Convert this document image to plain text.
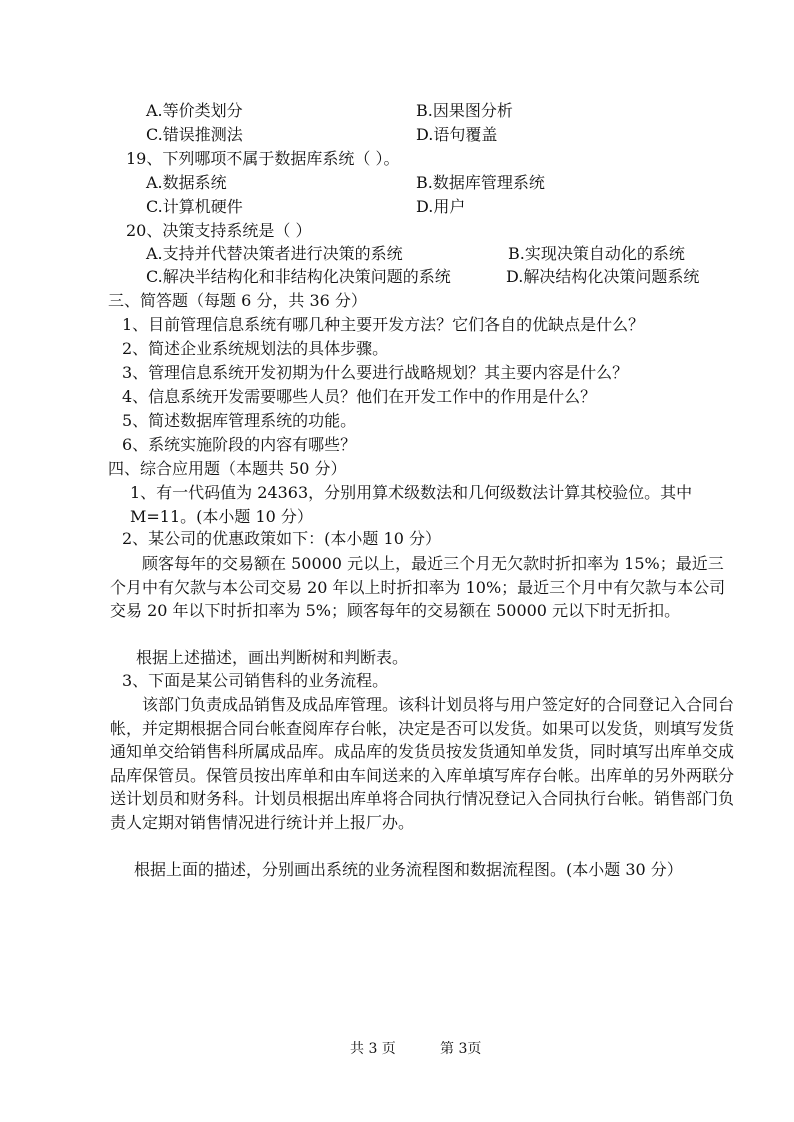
A.等价类划分	B.因果图分析
C.错误推测法	D.语句覆盖
19、下列哪项不属于数据库系统（ ）。
A.数据系统	B.数据库管理系统
C.计算机硬件	D.用户
20、决策支持系统是（ ）
A.支持并代替决策者进行决策的系统	B.实现决策自动化的系统
C.解决半结构化和非结构化决策问题的系统	D.解决结构化决策问题系统
三、简答题（每题 6 分，共 36 分）
1、目前管理信息系统有哪几种主要开发方法？它们各自的优缺点是什么？
2、简述企业系统规划法的具体步骤。
3、管理信息系统开发初期为什么要进行战略规划？其主要内容是什么？
4、信息系统开发需要哪些人员？他们在开发工作中的作用是什么？
5、简述数据库管理系统的功能。
6、系统实施阶段的内容有哪些？
四、综合应用题（本题共 50 分）
1、有一代码值为 24363，分别用算术级数法和几何级数法计算其校验位。其中 M=11。(本小题 10 分）
2、某公司的优惠政策如下：(本小题 10 分）
顾客每年的交易额在 50000 元以上，最近三个月无欠款时折扣率为 15%；最近三个月中有欠款与本公司交易 20 年以上时折扣率为 10%；最近三个月中有欠款与本公司交易 20 年以下时折扣率为 5%；顾客每年的交易额在 50000 元以下时无折扣。
根据上述描述，画出判断树和判断表。
3、下面是某公司销售科的业务流程。
该部门负责成品销售及成品库管理。该科计划员将与用户签定好的合同登记入合同台帐，并定期根据合同台帐查阅库存台帐，决定是否可以发货。如果可以发货，则填写发货通知单交给销售科所属成品库。成品库的发货员按发货通知单发货，同时填写出库单交成品库保管员。保管员按出库单和由车间送来的入库单填写库存台帐。出库单的另外两联分送计划员和财务科。计划员根据出库单将合同执行情况登记入合同执行台帐。销售部门负责人定期对销售情况进行统计并上报厂办。
根据上面的描述，分别画出系统的业务流程图和数据流程图。(本小题 30 分）
共 3 页	第 3页
